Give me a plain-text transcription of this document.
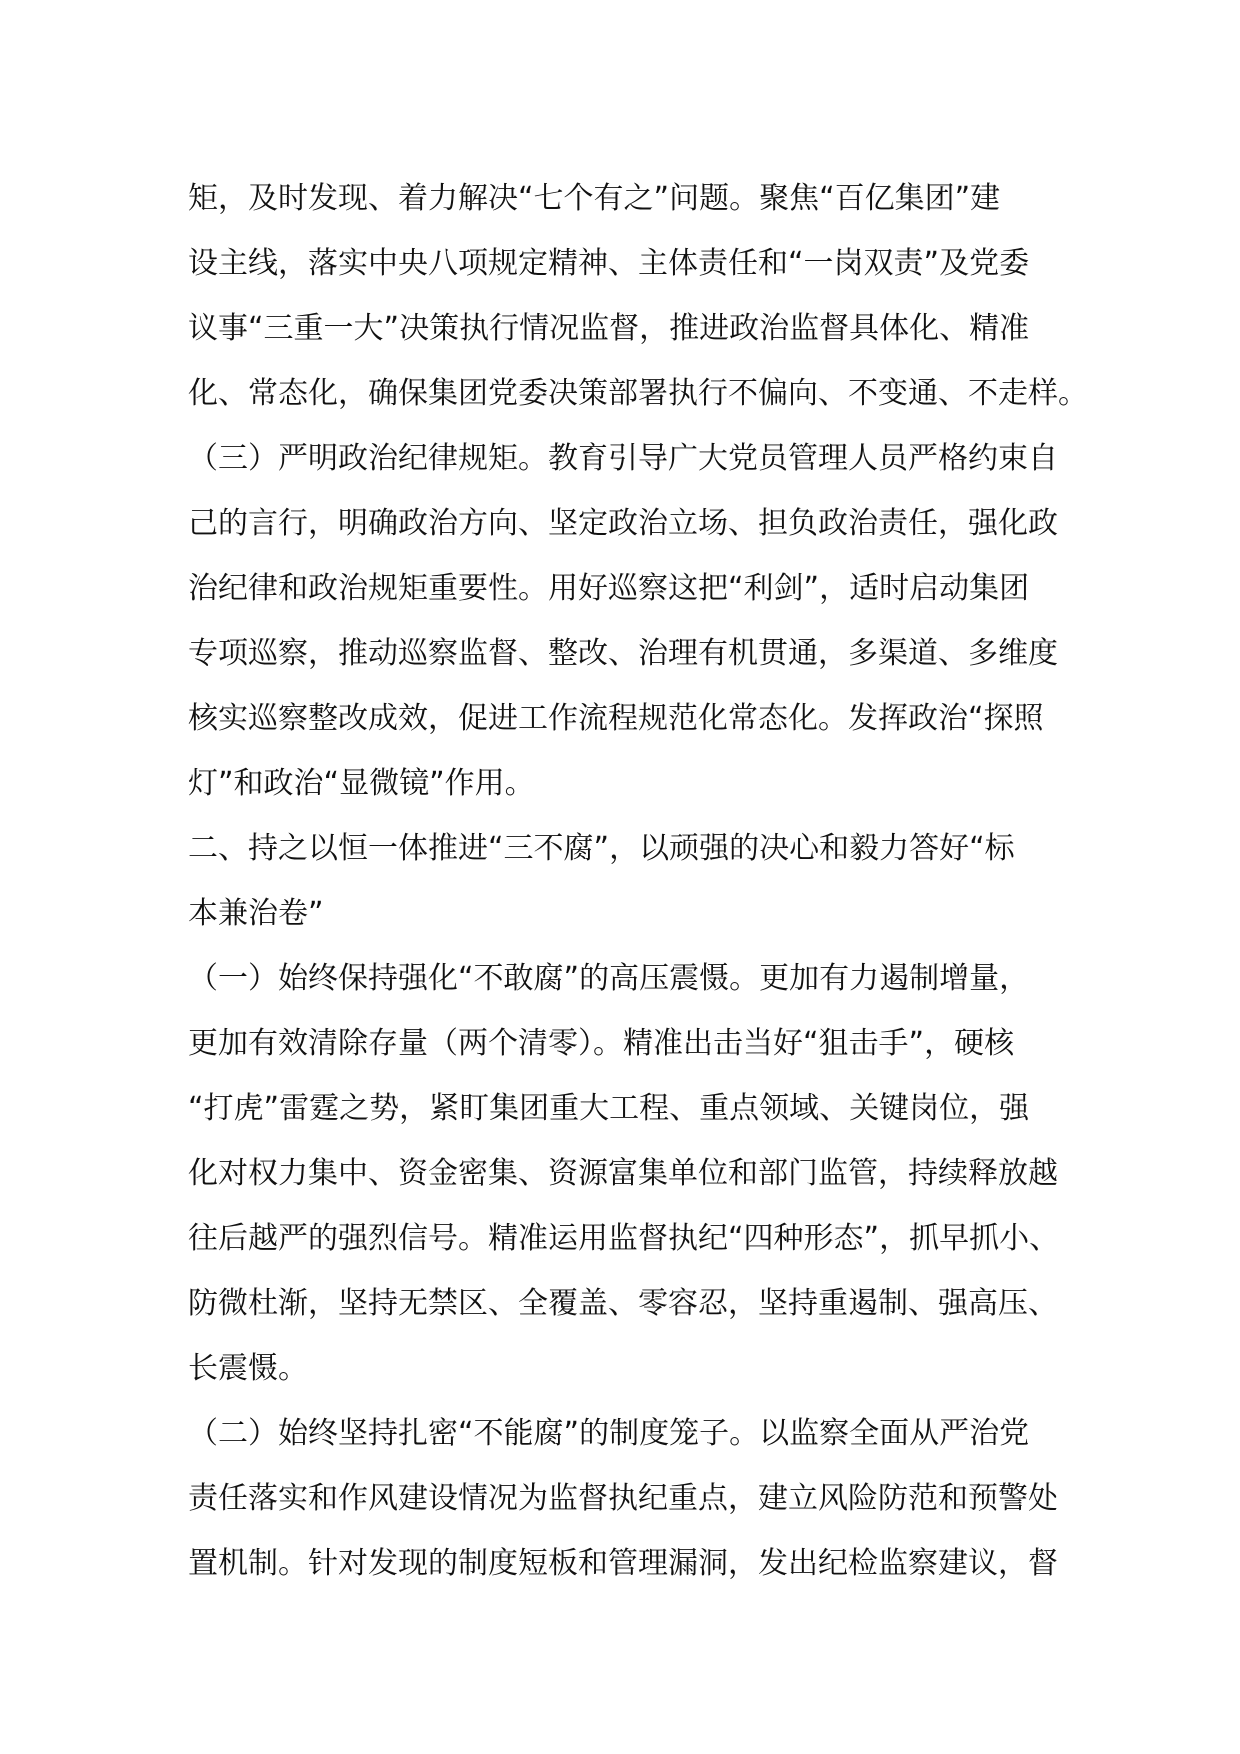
矩，及时发现、着力解决“七个有之”问题。聚焦“百亿集团”建
设主线，落实中央八项规定精神、主体责任和“一岗双责”及党委
议事“三重一大”决策执行情况监督，推进政治监督具体化、精准
化、常态化，确保集团党委决策部署执行不偏向、不变通、不走样。
（三）严明政治纪律规矩。教育引导广大党员管理人员严格约束自
己的言行，明确政治方向、坚定政治立场、担负政治责任，强化政
治纪律和政治规矩重要性。用好巡察这把“利剑”，适时启动集团
专项巡察，推动巡察监督、整改、治理有机贯通，多渠道、多维度
核实巡察整改成效，促进工作流程规范化常态化。发挥政治“探照
灯”和政治“显微镜”作用。
二、持之以恒一体推进“三不腐”，以顽强的决心和毅力答好“标
本兼治卷”
（一）始终保持强化“不敢腐”的高压震慑。更加有力遏制增量，
更加有效清除存量（两个清零）。精准出击当好“狙击手”，硬核
“打虎”雷霆之势，紧盯集团重大工程、重点领域、关键岗位，强
化对权力集中、资金密集、资源富集单位和部门监管，持续释放越
往后越严的强烈信号。精准运用监督执纪“四种形态”，抓早抓小、
防微杜渐，坚持无禁区、全覆盖、零容忍，坚持重遏制、强高压、
长震慑。
（二）始终坚持扎密“不能腐”的制度笼子。以监察全面从严治党
责任落实和作风建设情况为监督执纪重点，建立风险防范和预警处
置机制。针对发现的制度短板和管理漏洞，发出纪检监察建议，督
